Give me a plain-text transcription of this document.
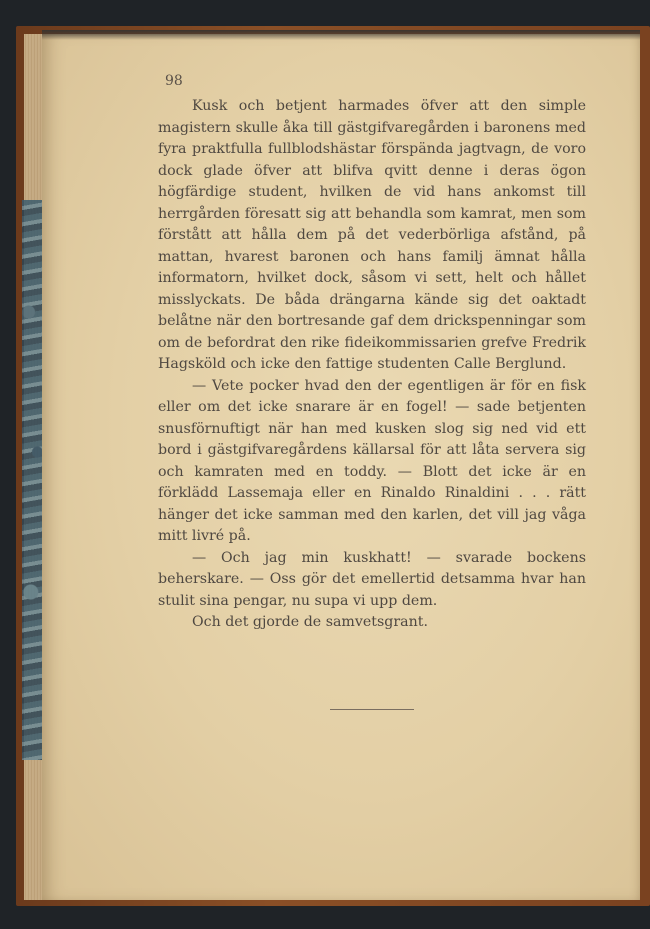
98

Kusk och betjent harmades öfver att den simple magistern skulle åka till gästgifvaregården i baronens med fyra praktfulla fullblodshästar förspända jagtvagn, de voro dock glade öfver att blifva qvitt denne i deras ögon högfärdige student, hvilken de vid hans ankomst till herrgården föresatt sig att behandla som kamrat, men som förstått att hålla dem på det vederbörliga afstånd, på mattan, hvarest baronen och hans familj ämnat hålla informatorn, hvilket dock, såsom vi sett, helt och hållet misslyckats. De båda drängarna kände sig det oaktadt belåtne när den bortresande gaf dem drickspenningar som om de befordrat den rike fideikommissarien grefve Fredrik Hagsköld och icke den fattige studenten Calle Berglund.

— Vete pocker hvad den der egentligen är för en fisk eller om det icke snarare är en fogel! — sade betjenten snusförnuftigt när han med kusken slog sig ned vid ett bord i gästgifvaregårdens källarsal för att låta servera sig och kamraten med en toddy. — Blott det icke är en förklädd Lassemaja eller en Rinaldo Rinaldini . . . rätt hänger det icke samman med den karlen, det vill jag våga mitt livré på.

— Och jag min kuskhatt! — svarade bockens beherskare. — Oss gör det emellertid detsamma hvar han stulit sina pengar, nu supa vi upp dem.

Och det gjorde de samvetsgrant.
